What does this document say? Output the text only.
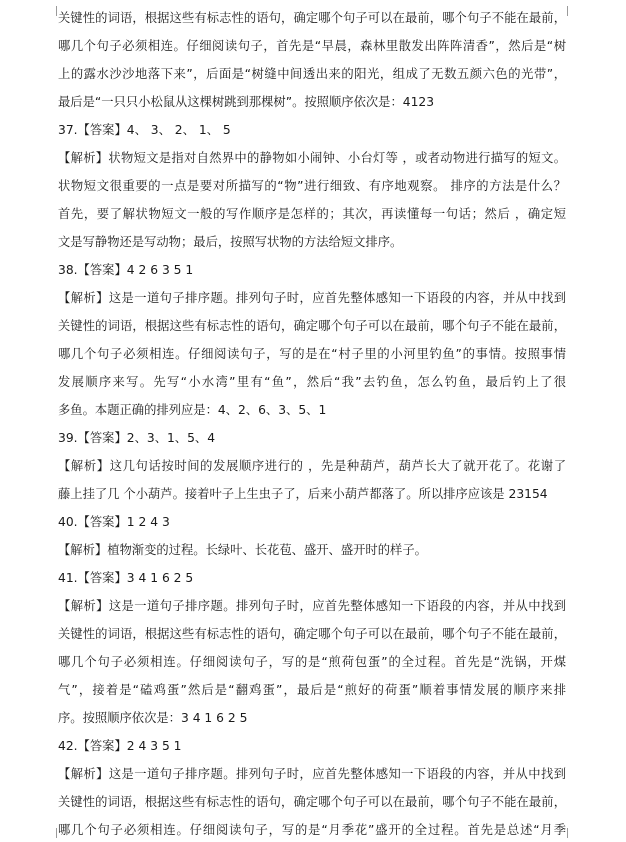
关键性的词语，根据这些有标志性的语句，确定哪个句子可以在最前，哪个句子不能在最前，
哪几个句子必须相连。仔细阅读句子，首先是“早晨，森林里散发出阵阵清香”，然后是“树
上的露水沙沙地落下来”，后面是“树缝中间透出来的阳光，组成了无数五颜六色的光带”，
最后是“一只只小松鼠从这棵树跳到那棵树”。按照顺序依次是：4123
37.【答案】4、 3、 2、 1、 5
【解析】状物短文是指对自然界中的静物如小闹钟、小台灯等 ，或者动物进行描写的短文。
状物短文很重要的一点是要对所描写的“物”进行细致、有序地观察。 排序的方法是什么？
首先，要了解状物短文一般的写作顺序是怎样的；其次，再读懂每一句话；然后 ，确定短
文是写静物还是写动物；最后，按照写状物的方法给短文排序。
38.【答案】4 2 6 3 5 1
【解析】这是一道句子排序题。排列句子时，应首先整体感知一下语段的内容，并从中找到
关键性的词语，根据这些有标志性的语句，确定哪个句子可以在最前，哪个句子不能在最前，
哪几个句子必须相连。仔细阅读句子，写的是在“村子里的小河里钓鱼”的事情。按照事情
发展顺序来写。先写“小水湾”里有“鱼”，然后“我”去钓鱼，怎么钓鱼，最后钓上了很
多鱼。本题正确的排列应是：4、2、6、3、5、1
39.【答案】2、3、1、5、4
【解析】这几句话按时间的发展顺序进行的 ，先是种葫芦，葫芦长大了就开花了。花谢了
藤上挂了几 个小葫芦。接着叶子上生虫子了，后来小葫芦都落了。所以排序应该是 23154
40.【答案】1 2 4 3
【解析】植物渐变的过程。长绿叶、长花苞、盛开、盛开时的样子。
41.【答案】3 4 1 6 2 5
【解析】这是一道句子排序题。排列句子时，应首先整体感知一下语段的内容，并从中找到
关键性的词语，根据这些有标志性的语句，确定哪个句子可以在最前，哪个句子不能在最前，
哪几个句子必须相连。仔细阅读句子，写的是“煎荷包蛋”的全过程。首先是“洗锅，开煤
气”，接着是“磕鸡蛋”然后是“翻鸡蛋”，最后是“煎好的荷蛋”顺着事情发展的顺序来排
序。按照顺序依次是：3 4 1 6 2 5
42.【答案】2 4 3 5 1
【解析】这是一道句子排序题。排列句子时，应首先整体感知一下语段的内容，并从中找到
关键性的词语，根据这些有标志性的语句，确定哪个句子可以在最前，哪个句子不能在最前，
哪几个句子必须相连。仔细阅读句子，写的是“月季花”盛开的全过程。首先是总述“月季
